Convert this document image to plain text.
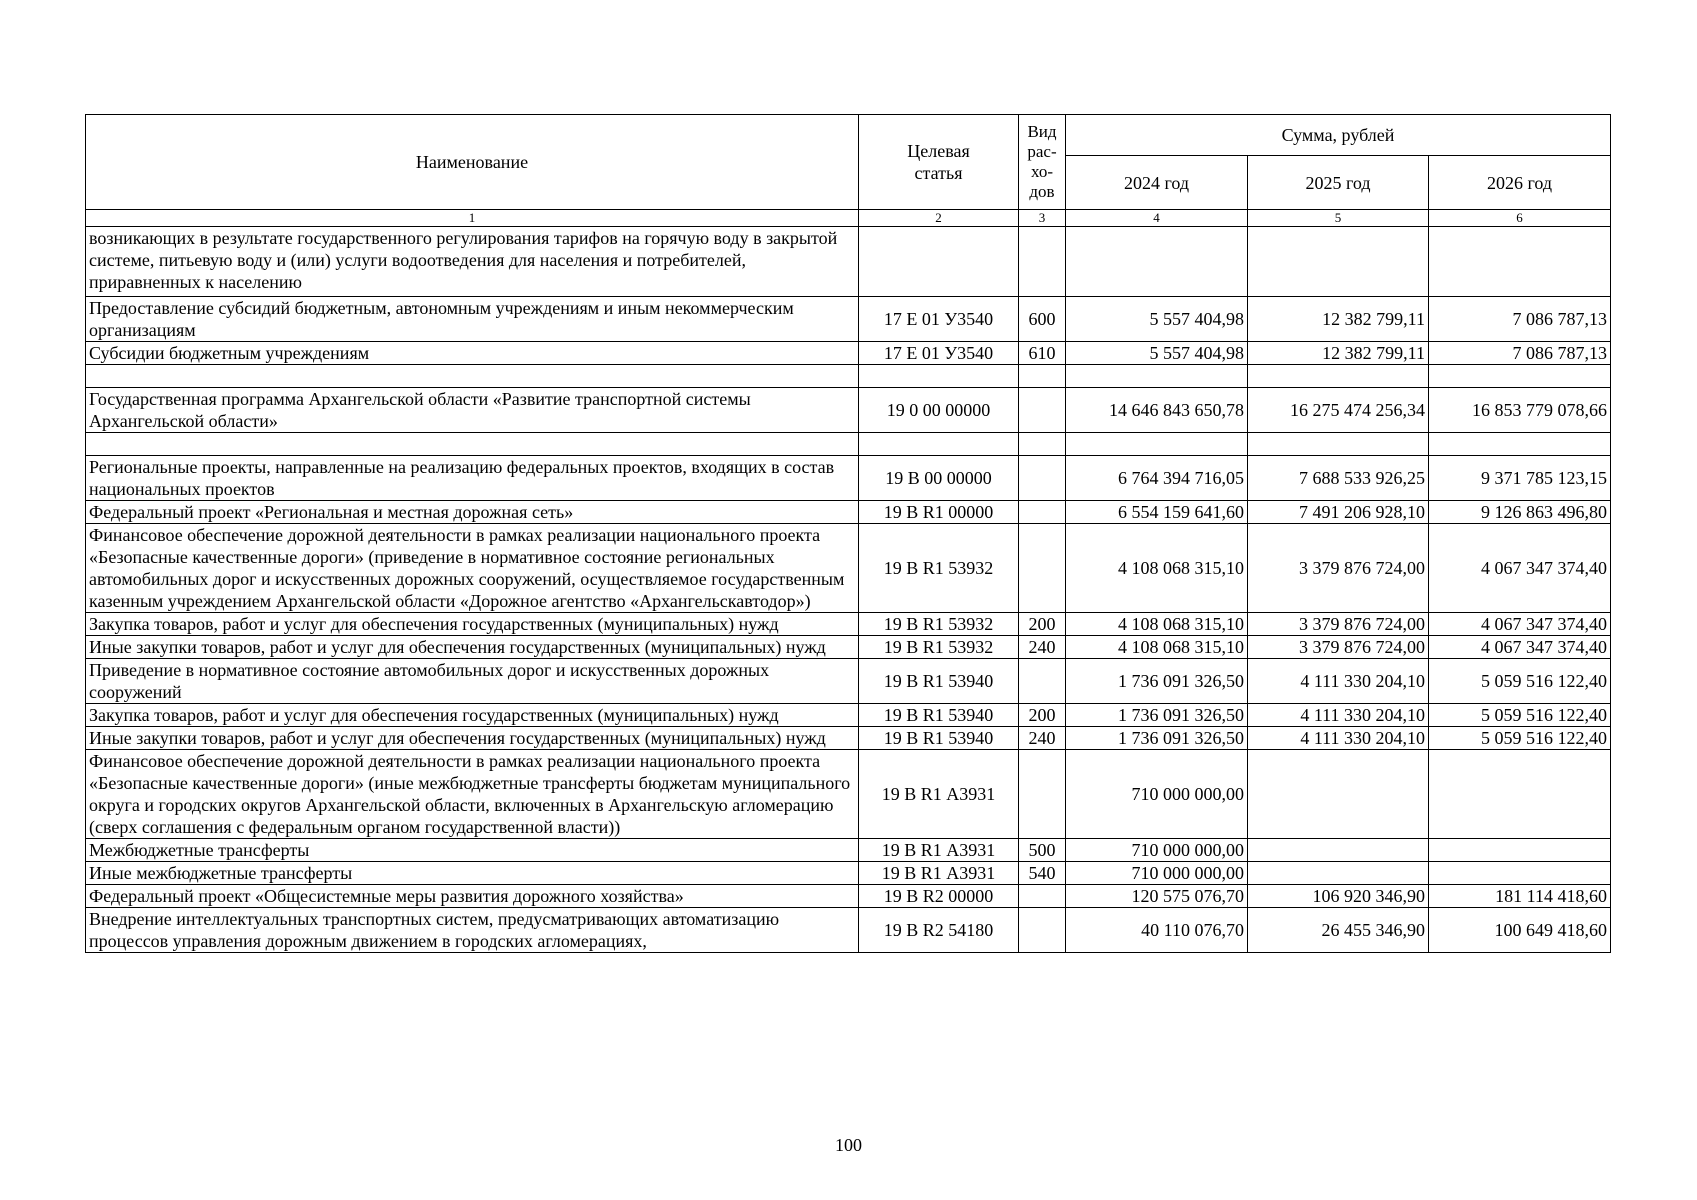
Наименование	Целевая статья	Вид рас-хо-дов	Сумма, рублей		
			2024 год	2025 год	2026 год
1	2	3	4	5	6
возникающих в результате государственного регулирования тарифов на горячую воду в закрытой системе, питьевую воду и (или) услуги водоотведения для населения и потребителей, приравненных к населению					
Предоставление субсидий бюджетным, автономным учреждениям и иным некоммерческим организациям	17 Е 01 У3540	600	5 557 404,98	12 382 799,11	7 086 787,13
Субсидии бюджетным учреждениям	17 Е 01 У3540	610	5 557 404,98	12 382 799,11	7 086 787,13

Государственная программа Архангельской области «Развитие транспортной системы Архангельской области»	19 0 00 00000		14 646 843 650,78	16 275 474 256,34	16 853 779 078,66

Региональные проекты, направленные на реализацию федеральных проектов, входящих в состав национальных проектов	19 В 00 00000		6 764 394 716,05	7 688 533 926,25	9 371 785 123,15
Федеральный проект «Региональная и местная дорожная сеть»	19 В R1 00000		6 554 159 641,60	7 491 206 928,10	9 126 863 496,80
Финансовое обеспечение дорожной деятельности в рамках реализации национального проекта «Безопасные качественные дороги» (приведение в нормативное состояние региональных автомобильных дорог и искусственных дорожных сооружений, осуществляемое государственным казенным учреждением Архангельской области «Дорожное агентство «Архангельскавтодор»)	19 В R1 53932		4 108 068 315,10	3 379 876 724,00	4 067 347 374,40
Закупка товаров, работ и услуг для обеспечения государственных (муниципальных) нужд	19 В R1 53932	200	4 108 068 315,10	3 379 876 724,00	4 067 347 374,40
Иные закупки товаров, работ и услуг для обеспечения государственных (муниципальных) нужд	19 В R1 53932	240	4 108 068 315,10	3 379 876 724,00	4 067 347 374,40
Приведение в нормативное состояние автомобильных дорог и искусственных дорожных сооружений	19 В R1 53940		1 736 091 326,50	4 111 330 204,10	5 059 516 122,40
Закупка товаров, работ и услуг для обеспечения государственных (муниципальных) нужд	19 В R1 53940	200	1 736 091 326,50	4 111 330 204,10	5 059 516 122,40
Иные закупки товаров, работ и услуг для обеспечения государственных (муниципальных) нужд	19 В R1 53940	240	1 736 091 326,50	4 111 330 204,10	5 059 516 122,40
Финансовое обеспечение дорожной деятельности в рамках реализации национального проекта «Безопасные качественные дороги» (иные межбюджетные трансферты бюджетам муниципального округа и городских округов Архангельской области, включенных в Архангельскую агломерацию (сверх соглашения с федеральным органом государственной власти))	19 В R1 А3931		710 000 000,00		
Межбюджетные трансферты	19 В R1 А3931	500	710 000 000,00		
Иные межбюджетные трансферты	19 В R1 А3931	540	710 000 000,00		
Федеральный проект «Общесистемные меры развития дорожного хозяйства»	19 В R2 00000		120 575 076,70	106 920 346,90	181 114 418,60
Внедрение интеллектуальных транспортных систем, предусматривающих автоматизацию процессов управления дорожным движением в городских агломерациях,	19 В R2 54180		40 110 076,70	26 455 346,90	100 649 418,60
100
